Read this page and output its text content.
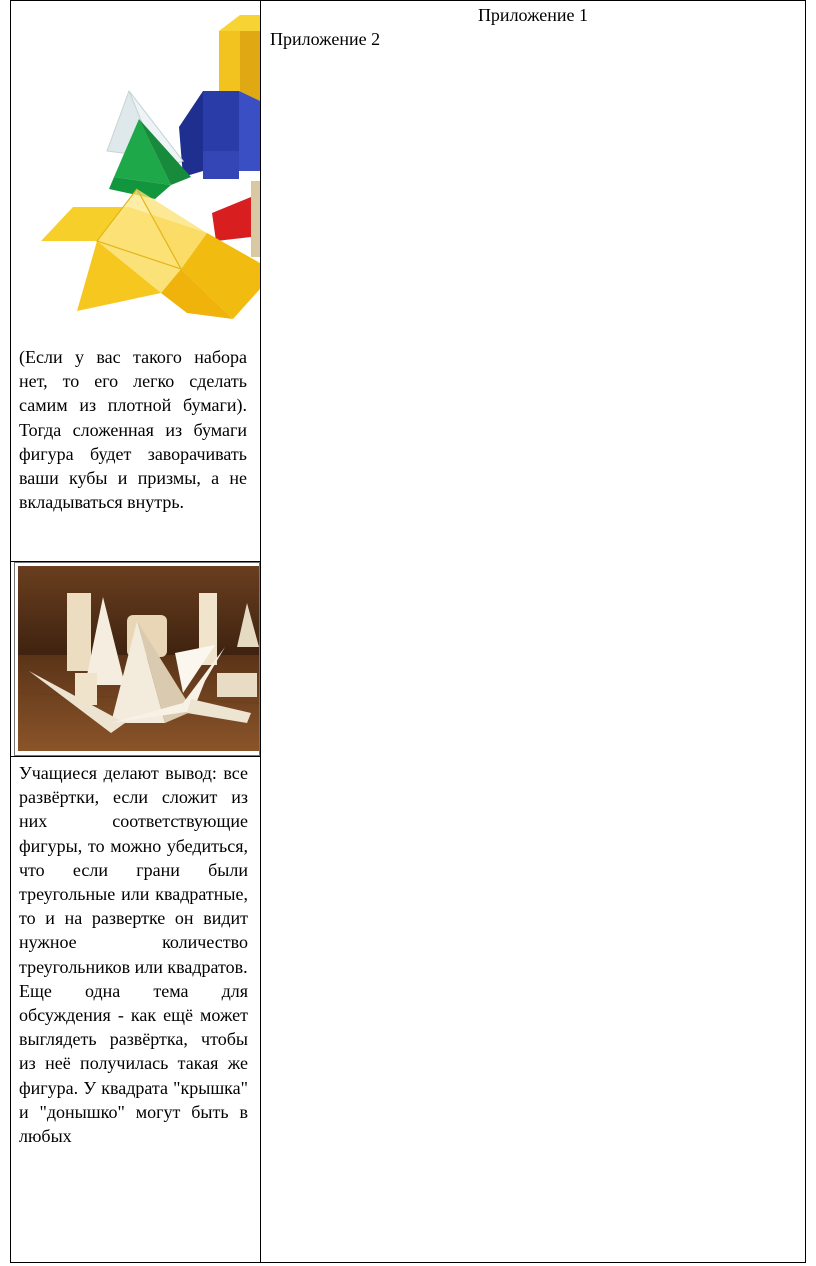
(Если у вас такого набора нет, то его легко сделать самим из плотной бумаги). Тогда сложенная из бумаги фигура будет заворачивать ваши кубы и призмы, а не вкладываться внутрь.

Учащиеся делают вывод: все развёртки, если сложит из них соответствующие фигуры, то можно убедиться, что если грани были треугольные или квадратные, то и на развертке он видит нужное количество треугольников или квадратов.

Еще одна тема для обсуждения - как ещё может выглядеть развёртка, чтобы из неё получилась такая же фигура. У квадрата "крышка" и "донышко" могут быть в любых

Приложение 1
Приложение 2
